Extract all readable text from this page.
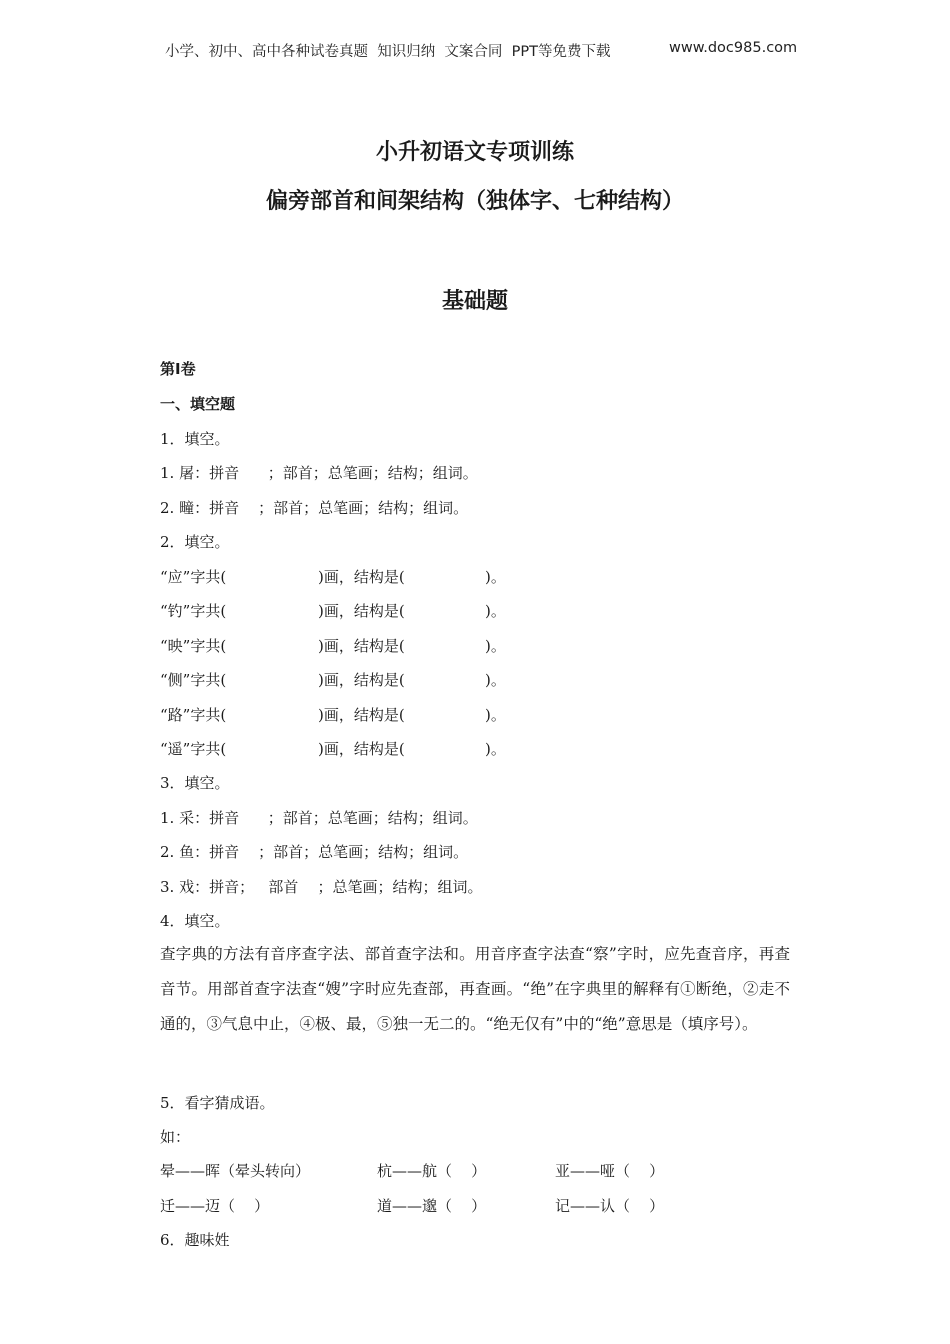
小学、初中、高中各种试卷真题  知识归纳  文案合同  PPT等免费下载	www.doc985.com
小升初语文专项训练
偏旁部首和间架结构（独体字、七种结构）
基础题
第Ⅰ卷
一、填空题
1．填空。
1. 屠：拼音      ；部首；总笔画；结构；组词。
2. 疃：拼音    ；部首；总笔画；结构；组词。
2．填空。

“应”字共(

	)画，结构是(

	)。

“钓”字共(

	)画，结构是(

	)。

“映”字共(

	)画，结构是(

	)。

“侧”字共(

	)画，结构是(

	)。

“路”字共(

	)画，结构是(

	)。

“遥”字共(

	)画，结构是(

	)。

3．填空。
1. 采：拼音      ；部首；总笔画；结构；组词。
2. 鱼：拼音    ；部首；总笔画；结构；组词。
3. 戏：拼音；   部首    ；总笔画；结构；组词。
4．填空。
查字典的方法有音序查字法、部首查字法和。用音序查字法查“察”字时，应先查音序，再查音节。用部首查字法查“嫂”字时应先查部，再查画。“绝”在字典里的解释有①断绝，②走不通的，③气息中止，④极、最，⑤独一无二的。“绝无仅有”中的“绝”意思是（填序号）。
5．看字猜成语。
如：
晕——晖（晕头转向）	杭——航（    ）	亚——哑（    ）
迁——迈（    ）	道——邈（    ）	记——认（    ）
6．趣味姓
